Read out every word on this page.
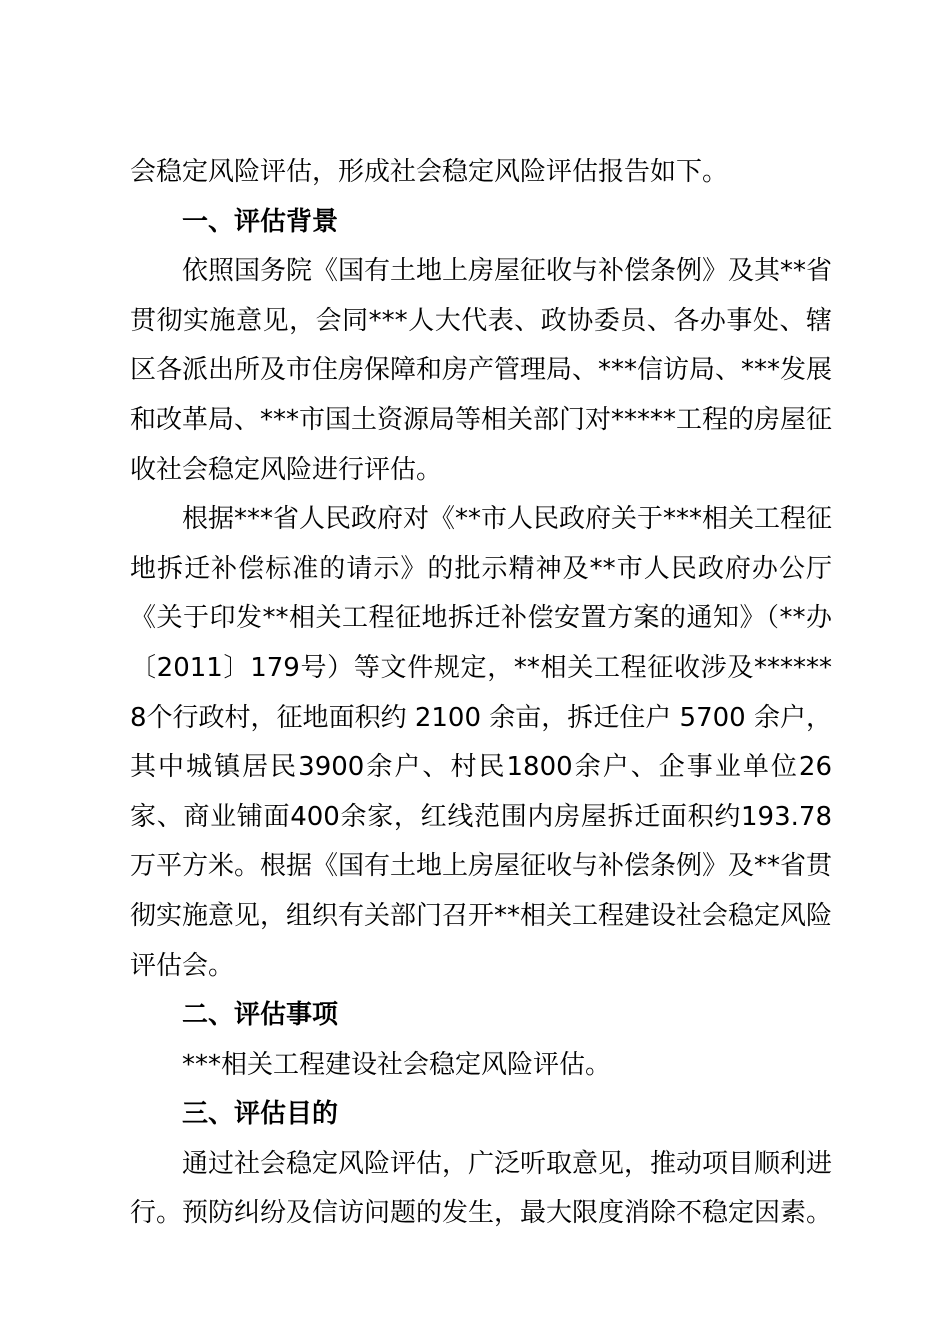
会稳定风险评估，形成社会稳定风险评估报告如下。

一、评估背景

依照国务院《国有土地上房屋征收与补偿条例》及其**省贯彻实施意见，会同***人大代表、政协委员、各办事处、辖区各派出所及市住房保障和房产管理局、***信访局、***发展和改革局、***市国土资源局等相关部门对*****工程的房屋征收社会稳定风险进行评估。

根据***省人民政府对《**市人民政府关于***相关工程征地拆迁补偿标准的请示》的批示精神及**市人民政府办公厅《关于印发**相关工程征地拆迁补偿安置方案的通知》（**办〔2011〕179号）等文件规定，**相关工程征收涉及******8个行政村，征地面积约 2100 余亩，拆迁住户 5700 余户，其中城镇居民3900余户、村民1800余户、企事业单位26家、商业铺面400余家，红线范围内房屋拆迁面积约193.78万平方米。根据《国有土地上房屋征收与补偿条例》及**省贯彻实施意见，组织有关部门召开**相关工程建设社会稳定风险评估会。

二、评估事项

***相关工程建设社会稳定风险评估。

三、评估目的

通过社会稳定风险评估，广泛听取意见，推动项目顺利进行。预防纠纷及信访问题的发生，最大限度消除不稳定因素。
